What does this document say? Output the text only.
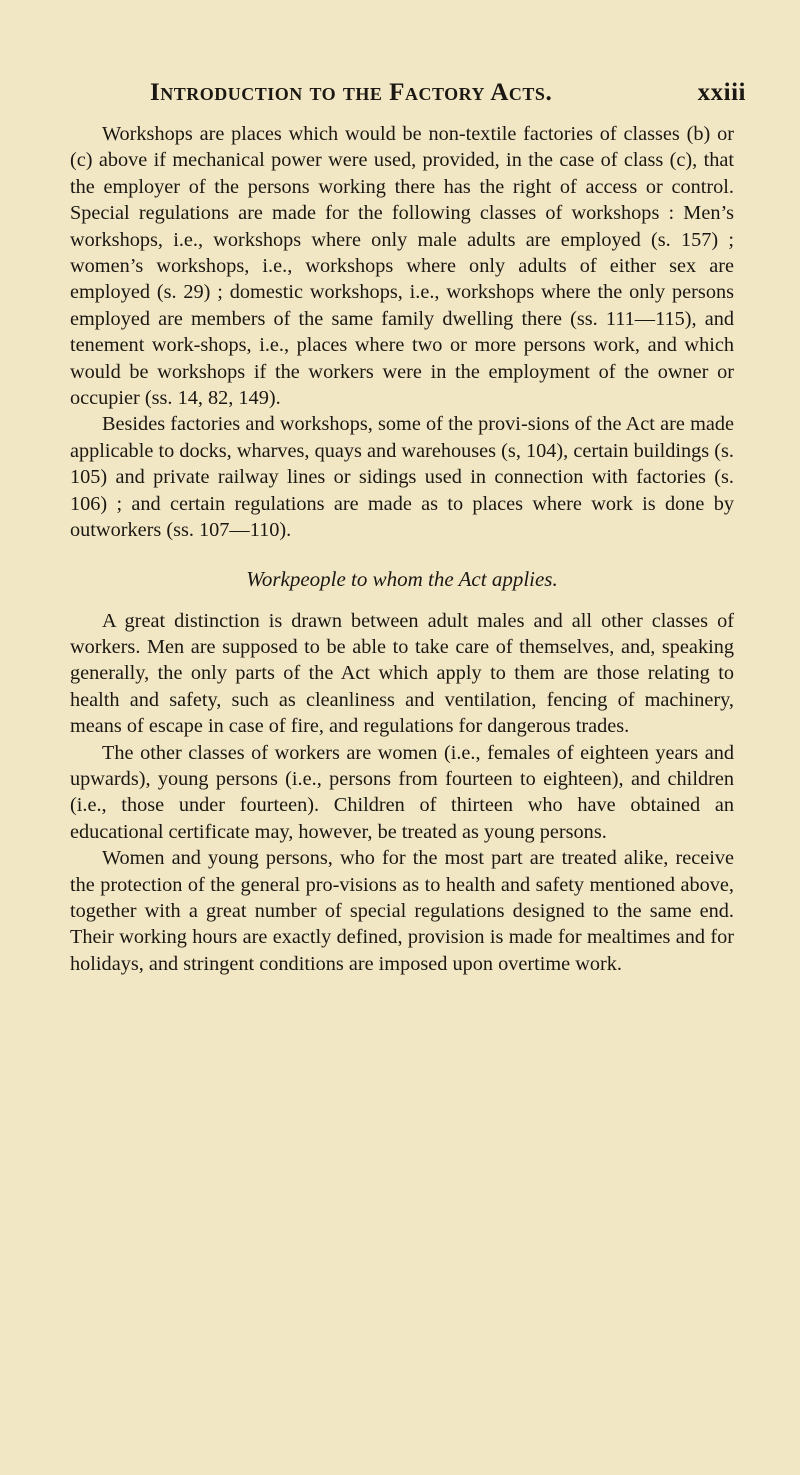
Introduction to the Factory Acts.	xxiii

Workshops are places which would be non-textile factories of classes (b) or (c) above if mechanical power were used, provided, in the case of class (c), that the employer of the persons working there has the right of access or control. Special regulations are made for the following classes of workshops : Men’s workshops, i.e., workshops where only male adults are employed (s. 157) ; women’s workshops, i.e., workshops where only adults of either sex are employed (s. 29) ; domestic workshops, i.e., workshops where the only persons employed are members of the same family dwelling there (ss. 111—115), and tenement work-shops, i.e., places where two or more persons work, and which would be workshops if the workers were in the employment of the owner or occupier (ss. 14, 82, 149).

Besides factories and workshops, some of the provi-sions of the Act are made applicable to docks, wharves, quays and warehouses (s, 104), certain buildings (s. 105) and private railway lines or sidings used in connection with factories (s. 106) ; and certain regulations are made as to places where work is done by outworkers (ss. 107—110).

Workpeople to whom the Act applies.

A great distinction is drawn between adult males and all other classes of workers. Men are supposed to be able to take care of themselves, and, speaking generally, the only parts of the Act which apply to them are those relating to health and safety, such as cleanliness and ventilation, fencing of machinery, means of escape in case of fire, and regulations for dangerous trades.

The other classes of workers are women (i.e., females of eighteen years and upwards), young persons (i.e., persons from fourteen to eighteen), and children (i.e., those under fourteen). Children of thirteen who have obtained an educational certificate may, however, be treated as young persons.

Women and young persons, who for the most part are treated alike, receive the protection of the general pro-visions as to health and safety mentioned above, together with a great number of special regulations designed to the same end. Their working hours are exactly defined, provision is made for mealtimes and for holidays, and stringent conditions are imposed upon overtime work.
